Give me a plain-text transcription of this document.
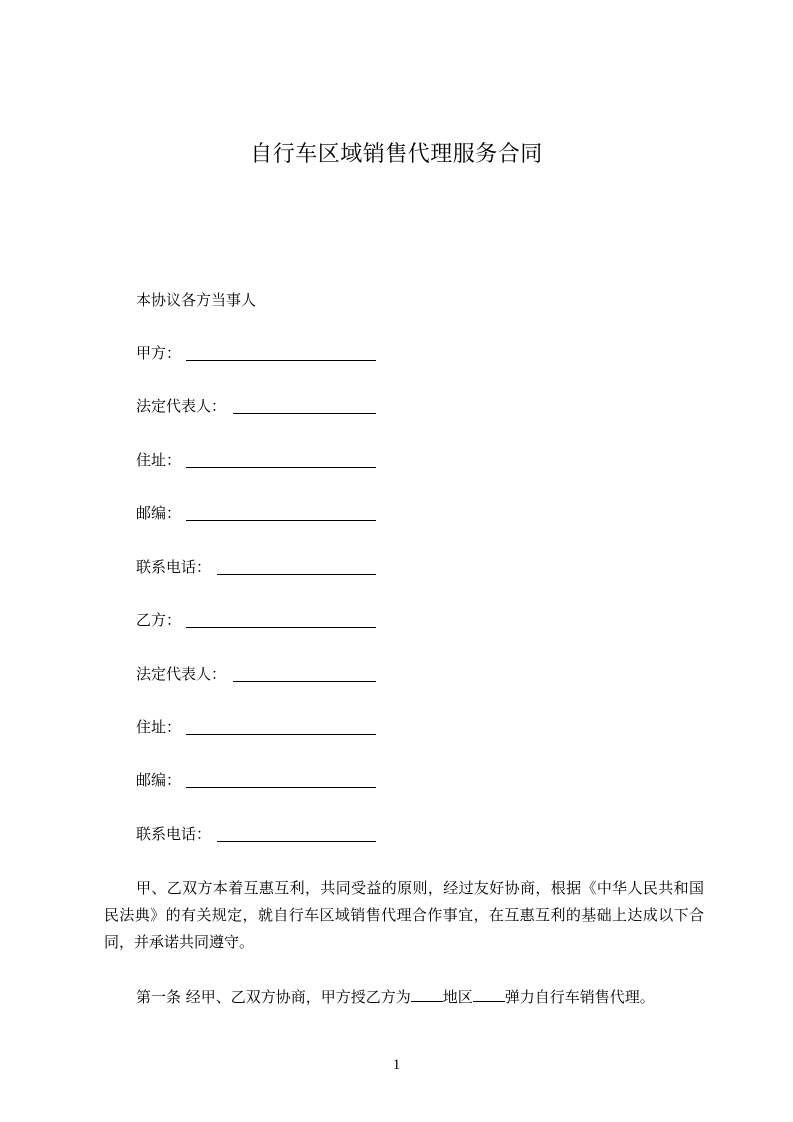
自行车区域销售代理服务合同
本协议各方当事人
甲方：
法定代表人：
住址：
邮编：
联系电话：
乙方：
法定代表人：
住址：
邮编：
联系电话：
甲、乙双方本着互惠互利，共同受益的原则，经过友好协商，根据《中华人民共和国民法典》的有关规定，就自行车区域销售代理合作事宜，在互惠互利的基础上达成以下合同，并承诺共同遵守。
第一条 经甲、乙双方协商，甲方授乙方为 地区 弹力自行车销售代理。
1
